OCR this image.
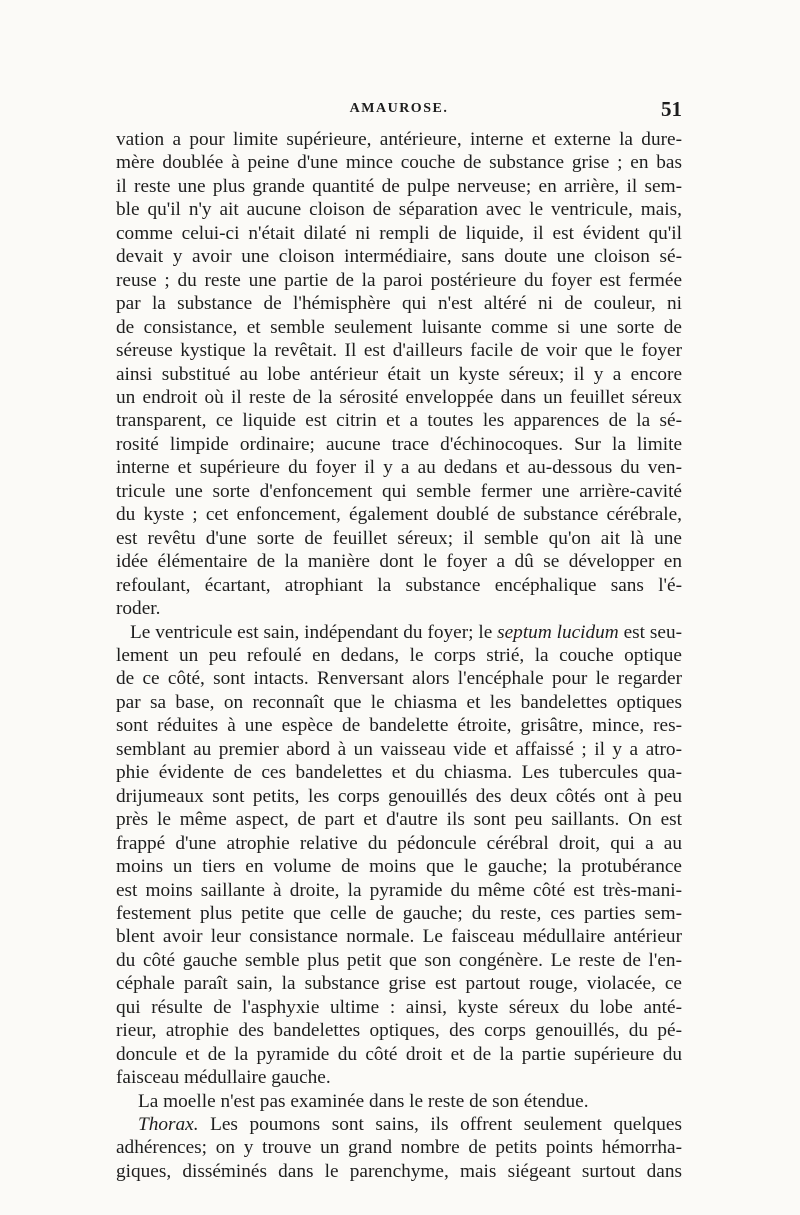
AMAUROSE.	51
vation a pour limite supérieure, antérieure, interne et externe la dure-
mère doublée à peine d'une mince couche de substance grise ; en bas
il reste une plus grande quantité de pulpe nerveuse; en arrière, il sem-
ble qu'il n'y ait aucune cloison de séparation avec le ventricule, mais,
comme celui-ci n'était dilaté ni rempli de liquide, il est évident qu'il
devait y avoir une cloison intermédiaire, sans doute une cloison sé-
reuse ; du reste une partie de la paroi postérieure du foyer est fermée
par la substance de l'hémisphère qui n'est altéré ni de couleur, ni
de consistance, et semble seulement luisante comme si une sorte de
séreuse kystique la revêtait. Il est d'ailleurs facile de voir que le foyer
ainsi substitué au lobe antérieur était un kyste séreux; il y a encore
un endroit où il reste de la sérosité enveloppée dans un feuillet séreux
transparent, ce liquide est citrin et a toutes les apparences de la sé-
rosité limpide ordinaire; aucune trace d'échinocoques. Sur la limite
interne et supérieure du foyer il y a au dedans et au-dessous du ven-
tricule une sorte d'enfoncement qui semble fermer une arrière-cavité
du kyste ; cet enfoncement, également doublé de substance cérébrale,
est revêtu d'une sorte de feuillet séreux; il semble qu'on ait là une
idée élémentaire de la manière dont le foyer a dû se développer en
refoulant, écartant, atrophiant la substance encéphalique sans l'é-
roder.
Le ventricule est sain, indépendant du foyer; le septum lucidum est seu-
lement un peu refoulé en dedans, le corps strié, la couche optique
de ce côté, sont intacts. Renversant alors l'encéphale pour le regarder
par sa base, on reconnaît que le chiasma et les bandelettes optiques
sont réduites à une espèce de bandelette étroite, grisâtre, mince, res-
semblant au premier abord à un vaisseau vide et affaissé ; il y a atro-
phie évidente de ces bandelettes et du chiasma. Les tubercules qua-
drijumeaux sont petits, les corps genouillés des deux côtés ont à peu
près le même aspect, de part et d'autre ils sont peu saillants. On est
frappé d'une atrophie relative du pédoncule cérébral droit, qui a au
moins un tiers en volume de moins que le gauche; la protubérance
est moins saillante à droite, la pyramide du même côté est très-mani-
festement plus petite que celle de gauche; du reste, ces parties sem-
blent avoir leur consistance normale. Le faisceau médullaire antérieur
du côté gauche semble plus petit que son congénère. Le reste de l'en-
céphale paraît sain, la substance grise est partout rouge, violacée, ce
qui résulte de l'asphyxie ultime : ainsi, kyste séreux du lobe anté-
rieur, atrophie des bandelettes optiques, des corps genouillés, du pé-
doncule et de la pyramide du côté droit et de la partie supérieure du
faisceau médullaire gauche.
La moelle n'est pas examinée dans le reste de son étendue.
Thorax. Les poumons sont sains, ils offrent seulement quelques
adhérences; on y trouve un grand nombre de petits points hémorrha-
giques, disséminés dans le parenchyme, mais siégeant surtout dans
